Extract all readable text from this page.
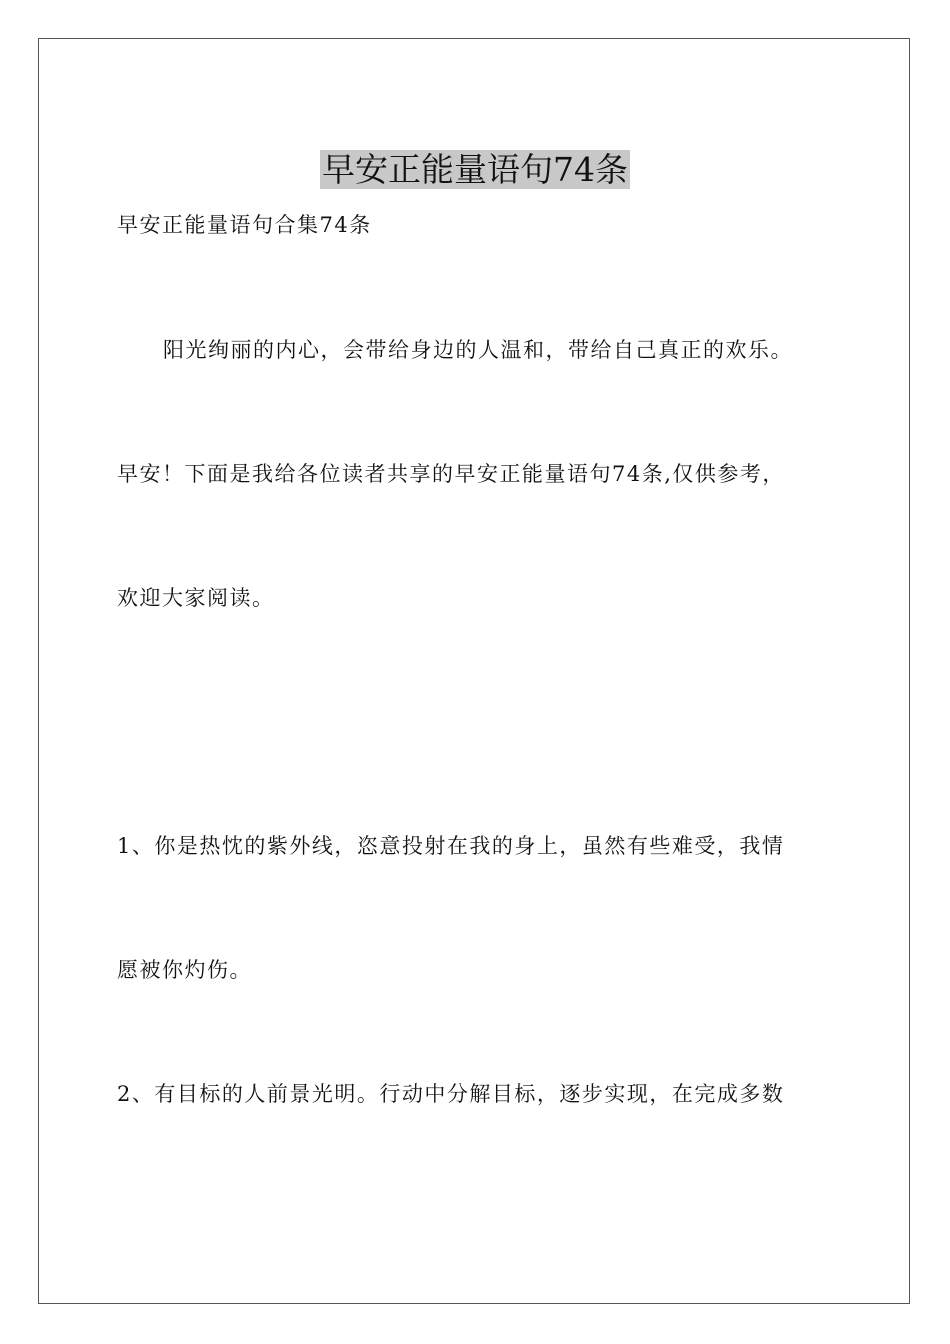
早安正能量语句74条
早安正能量语句合集74条
阳光绚丽的内心，会带给身边的人温和，带给自己真正的欢乐。
早安！下面是我给各位读者共享的早安正能量语句74条,仅供参考，
欢迎大家阅读。
1、你是热忱的紫外线，恣意投射在我的身上，虽然有些难受，我情
愿被你灼伤。
2、有目标的人前景光明。行动中分解目标，逐步实现，在完成多数
